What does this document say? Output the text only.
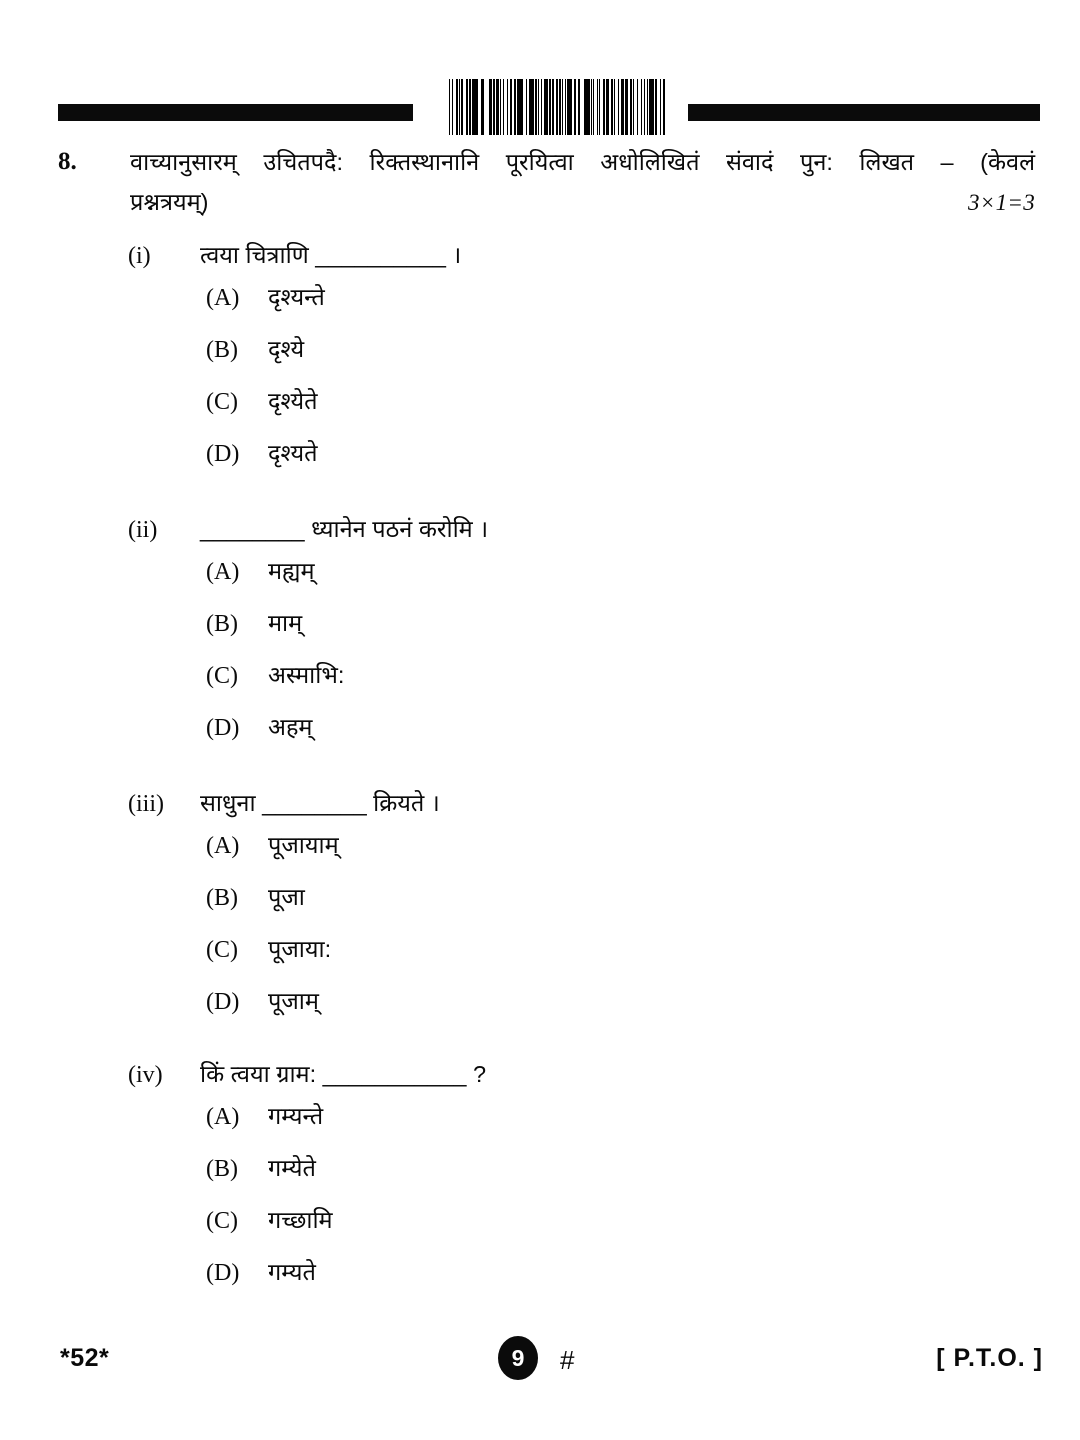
8.	वाच्यानुसारम् उचितपदै: रिक्तस्थानानि पूरयित्वा अधोलिखितं संवादं पुन: लिखत – (केवलं
प्रश्नत्रयम्)	3×1=3
(i)	त्वया चित्राणि __________ ।
(A)	दृश्यन्ते
(B)	दृश्ये
(C)	दृश्येते
(D)	दृश्यते
(ii)	________ ध्यानेन पठनं करोमि ।
(A)	मह्यम्
(B)	माम्
(C)	अस्माभि:
(D)	अहम्
(iii)	साधुना ________ क्रियते ।
(A)	पूजायाम्
(B)	पूजा
(C)	पूजाया:
(D)	पूजाम्
(iv)	किं त्वया ग्राम: ___________ ?
(A)	गम्यन्ते
(B)	गम्येते
(C)	गच्छामि
(D)	गम्यते
*52*	9	#	[ P.T.O. ]
